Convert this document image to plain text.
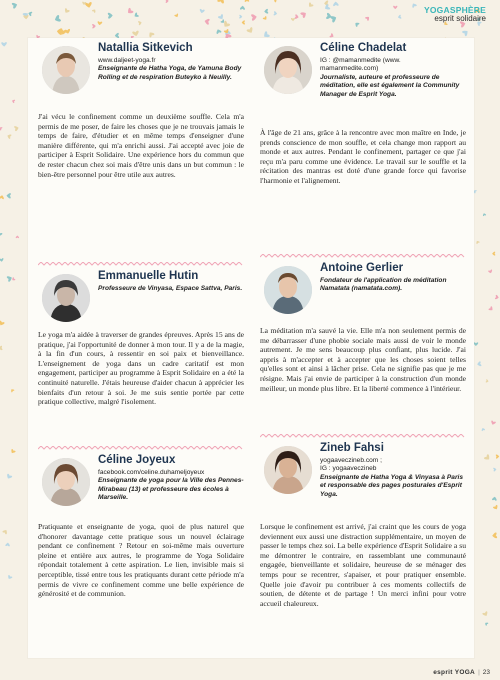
YOGASPHÈRE
esprit solidaire

Natallia Sitkevich

www.daljeet-yoga.fr
Enseignante de Hatha Yoga, de Yamuna Body Rolling et de respiration Buteyko à Neuilly.

J'ai vécu le confinement comme un deuxième souffle. Cela m'a permis de me poser, de faire les choses que je ne trouvais jamais le temps de faire, d'étudier et en même temps d'enseigner d'une manière différente, qui m'a enrichi aussi. J'ai accepté avec joie de participer à Esprit Solidaire. Une expérience hors du commun que de rester chacun chez soi mais d'être unis dans un but commun : le bien-être personnel pour être utile aux autres.

Emmanuelle Hutin

Professeure de Vinyasa, Espace Sattva, Paris.

Le yoga m'a aidée à traverser de grandes épreuves. Après 15 ans de pratique, j'ai l'opportunité de donner à mon tour. Il y a de la magie, à la fin d'un cours, à ressentir en soi paix et bienveillance. L'enseignement de yoga dans un cadre caritatif est mon engagement, participer au programme à Esprit Solidaire en a été la continuité naturelle. J'étais heureuse d'aider chacun à apprécier les bienfaits d'un retour à soi. Je me suis sentie portée par cette pratique collective, malgré l'isolement.

Céline Joyeux

facebook.com/celine.duhameljoyeux
Enseignante de yoga pour la Ville des Pennes-Mirabeau (13) et professeure des écoles à Marseille.

Pratiquante et enseignante de yoga, quoi de plus naturel que d'honorer davantage cette pratique sous un nouvel éclairage pendant ce confinement ? Retour en soi-même mais ouverture pleine et entière aux autres, le programme de Yoga Solidaire répondait totalement à cette aspiration. Le lien, invisible mais si perceptible, tissé entre tous les pratiquants durant cette période m'a permis de vivre ce confinement comme une belle expérience de générosité et de communion.

Céline Chadelat

IG : @mamanmedite (www.
mamanmedite.com)
Journaliste, auteure et professeure de méditation, elle est également la Community Manager de Esprit Yoga.

À l'âge de 21 ans, grâce à la rencontre avec mon maître en Inde, je prends conscience de mon souffle, et cela change mon rapport au monde et aux autres. Pendant le confinement, partager ce que j'ai reçu m'a paru comme une évidence. Le travail sur le souffle et la récitation des mantras est doté d'une grande force qui favorise l'harmonie et l'alignement.

Antoine Gerlier

Fondateur de l'application de méditation Namatata (namatata.com).

La méditation m'a sauvé la vie. Elle m'a non seulement permis de me débarrasser d'une phobie sociale mais aussi de voir le monde autrement. Je me sens beaucoup plus confiant, plus lucide. J'ai appris à m'accepter et à accepter que les choses soient telles qu'elles sont et ainsi à lâcher prise. Cela ne signifie pas que je me résigne. Mais j'ai envie de participer à la construction d'un monde meilleur, un monde plus libre. Et la liberté commence à l'intérieur.

Zineb Fahsi

yogaaveczineb.com ;
IG : yogaaveczineb
Enseignante de Hatha Yoga & Vinyasa à Paris et responsable des pages posturales d'Esprit Yoga.

Lorsque le confinement est arrivé, j'ai craint que les cours de yoga deviennent eux aussi une distraction supplémentaire, un moyen de passer le temps chez soi. La belle expérience d'Esprit Solidaire a su me démontrer le contraire, en rassemblant une communauté engagée, bienveillante et solidaire, heureuse de se ménager des temps pour se recentrer, s'apaiser, et pour pratiquer ensemble. Quelle joie d'avoir pu contribuer à ces moments collectifs de soutien, de détente et de partage ! Un merci infini pour votre accueil chaleureux.

esprit YOGA | 23
